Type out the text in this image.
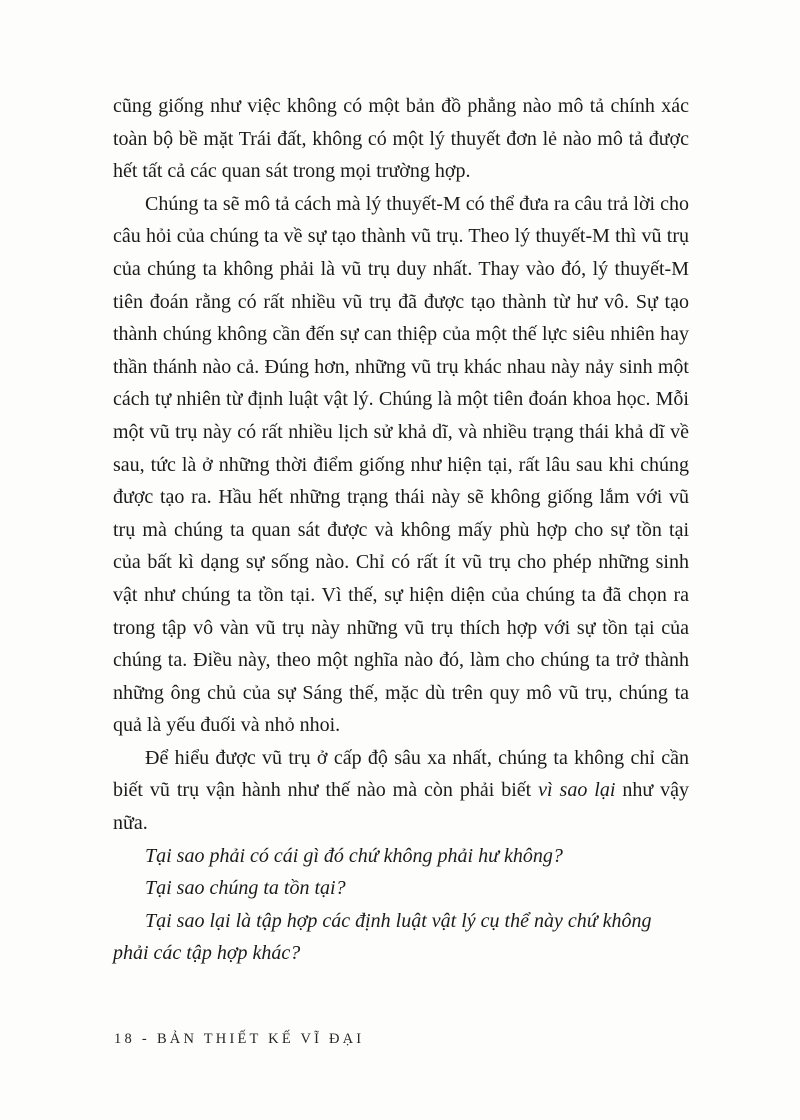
cũng giống như việc không có một bản đồ phẳng nào mô tả chính xác toàn bộ bề mặt Trái đất, không có một lý thuyết đơn lẻ nào mô tả được hết tất cả các quan sát trong mọi trường hợp.

Chúng ta sẽ mô tả cách mà lý thuyết-M có thể đưa ra câu trả lời cho câu hỏi của chúng ta về sự tạo thành vũ trụ. Theo lý thuyết-M thì vũ trụ của chúng ta không phải là vũ trụ duy nhất. Thay vào đó, lý thuyết-M tiên đoán rằng có rất nhiều vũ trụ đã được tạo thành từ hư vô. Sự tạo thành chúng không cần đến sự can thiệp của một thế lực siêu nhiên hay thần thánh nào cả. Đúng hơn, những vũ trụ khác nhau này nảy sinh một cách tự nhiên từ định luật vật lý. Chúng là một tiên đoán khoa học. Mỗi một vũ trụ này có rất nhiều lịch sử khả dĩ, và nhiều trạng thái khả dĩ về sau, tức là ở những thời điểm giống như hiện tại, rất lâu sau khi chúng được tạo ra. Hầu hết những trạng thái này sẽ không giống lắm với vũ trụ mà chúng ta quan sát được và không mấy phù hợp cho sự tồn tại của bất kì dạng sự sống nào. Chỉ có rất ít vũ trụ cho phép những sinh vật như chúng ta tồn tại. Vì thế, sự hiện diện của chúng ta đã chọn ra trong tập vô vàn vũ trụ này những vũ trụ thích hợp với sự tồn tại của chúng ta. Điều này, theo một nghĩa nào đó, làm cho chúng ta trở thành những ông chủ của sự Sáng thế, mặc dù trên quy mô vũ trụ, chúng ta quả là yếu đuối và nhỏ nhoi.

Để hiểu được vũ trụ ở cấp độ sâu xa nhất, chúng ta không chỉ cần biết vũ trụ vận hành như thế nào mà còn phải biết vì sao lại như vậy nữa.

Tại sao phải có cái gì đó chứ không phải hư không?

Tại sao chúng ta tồn tại?

Tại sao lại là tập hợp các định luật vật lý cụ thể này chứ không phải các tập hợp khác?

18 - BẢN THIẾT KẾ VĨ ĐẠI
